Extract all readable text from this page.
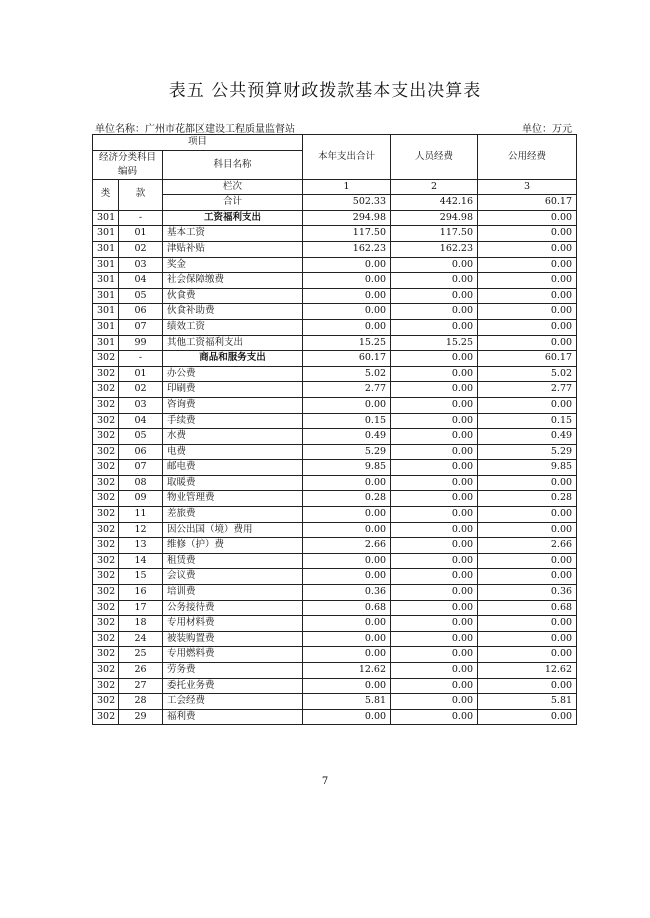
表五 公共预算财政拨款基本支出决算表
单位名称：广州市花都区建设工程质量监督站	单位：万元
项目			本年支出合计	人员经费	公用经费
经济分类科目编码		科目名称			

类	款	栏次	1	2	3
		合计	502.33	442.16	60.17
301	-	工资福利支出	294.98	294.98	0.00
301	01	基本工资	117.50	117.50	0.00
301	02	津贴补贴	162.23	162.23	0.00
301	03	奖金	0.00	0.00	0.00
301	04	社会保障缴费	0.00	0.00	0.00
301	05	伙食费	0.00	0.00	0.00
301	06	伙食补助费	0.00	0.00	0.00
301	07	绩效工资	0.00	0.00	0.00
301	99	其他工资福利支出	15.25	15.25	0.00
302	-	商品和服务支出	60.17	0.00	60.17
302	01	办公费	5.02	0.00	5.02
302	02	印刷费	2.77	0.00	2.77
302	03	咨询费	0.00	0.00	0.00
302	04	手续费	0.15	0.00	0.15
302	05	水费	0.49	0.00	0.49
302	06	电费	5.29	0.00	5.29
302	07	邮电费	9.85	0.00	9.85
302	08	取暖费	0.00	0.00	0.00
302	09	物业管理费	0.28	0.00	0.28
302	11	差旅费	0.00	0.00	0.00
302	12	因公出国（境）费用	0.00	0.00	0.00
302	13	维修（护）费	2.66	0.00	2.66
302	14	租赁费	0.00	0.00	0.00
302	15	会议费	0.00	0.00	0.00
302	16	培训费	0.36	0.00	0.36
302	17	公务接待费	0.68	0.00	0.68
302	18	专用材料费	0.00	0.00	0.00
302	24	被装购置费	0.00	0.00	0.00
302	25	专用燃料费	0.00	0.00	0.00
302	26	劳务费	12.62	0.00	12.62
302	27	委托业务费	0.00	0.00	0.00
302	28	工会经费	5.81	0.00	5.81
302	29	福利费	0.00	0.00	0.00
7
